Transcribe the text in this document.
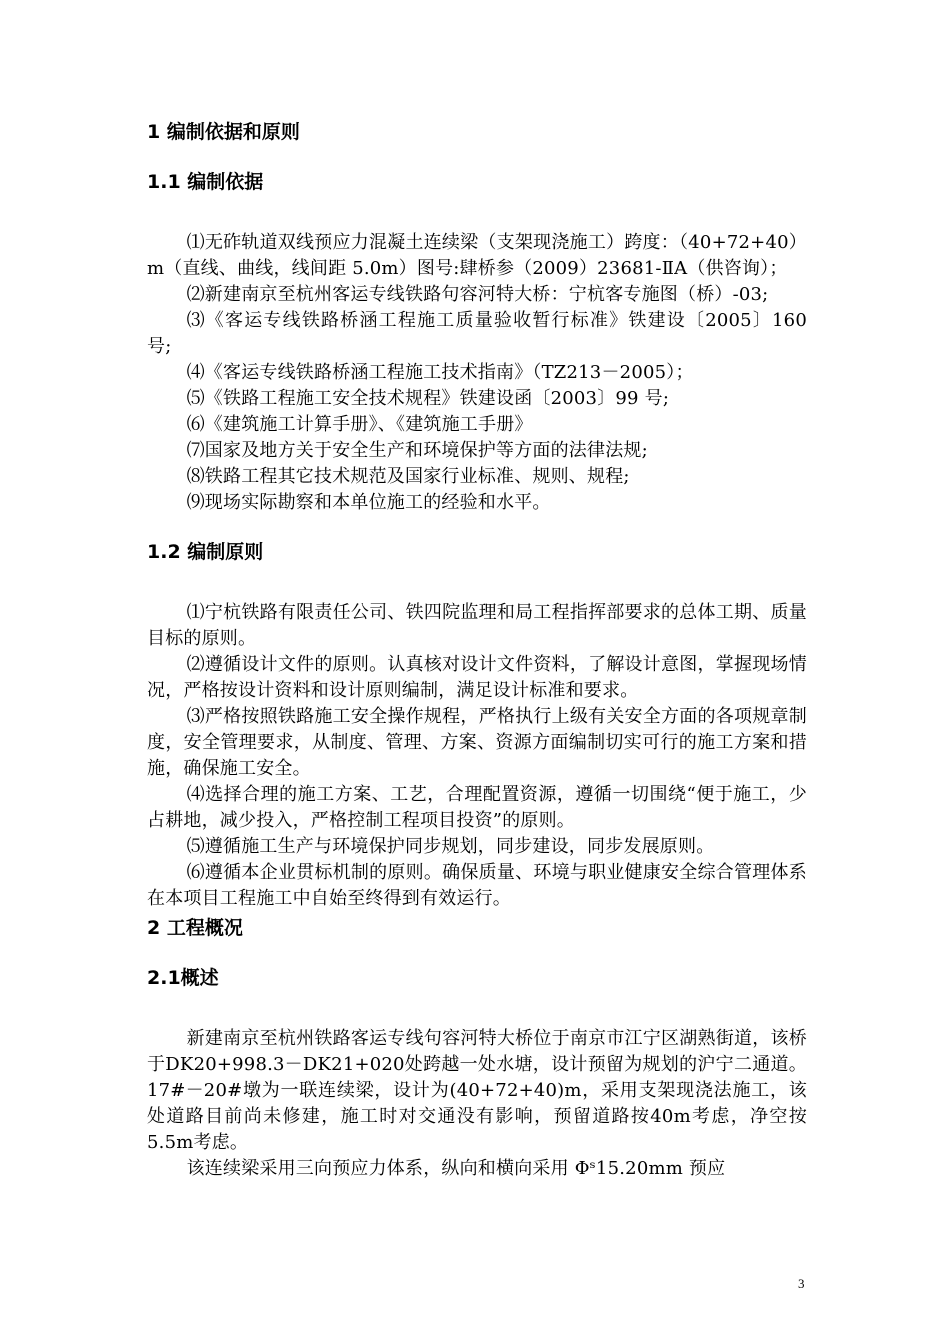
1 编制依据和原则
1.1 编制依据

⑴无砟轨道双线预应力混凝土连续梁（支架现浇施工）跨度：（40+72+40）m（直线、曲线，线间距 5.0m）图号:肆桥参（2009）23681-ⅡA（供咨询）；

⑵新建南京至杭州客运专线铁路句容河特大桥：宁杭客专施图（桥）-03;

⑶《客运专线铁路桥涵工程施工质量验收暂行标准》铁建设〔2005〕160 号;

⑷《客运专线铁路桥涵工程施工技术指南》（TZ213－2005）；

⑸《铁路工程施工安全技术规程》铁建设函〔2003〕99 号;

⑹《建筑施工计算手册》、《建筑施工手册》

⑺国家及地方关于安全生产和环境保护等方面的法律法规;

⑻铁路工程其它技术规范及国家行业标准、规则、规程;

⑼现场实际勘察和本单位施工的经验和水平。

1.2 编制原则

⑴宁杭铁路有限责任公司、铁四院监理和局工程指挥部要求的总体工期、质量目标的原则。

⑵遵循设计文件的原则。认真核对设计文件资料，了解设计意图，掌握现场情况，严格按设计资料和设计原则编制，满足设计标准和要求。

⑶严格按照铁路施工安全操作规程，严格执行上级有关安全方面的各项规章制度，安全管理要求，从制度、管理、方案、资源方面编制切实可行的施工方案和措施，确保施工安全。

⑷选择合理的施工方案、工艺，合理配置资源，遵循一切围绕“便于施工，少占耕地，减少投入，严格控制工程项目投资”的原则。

⑸遵循施工生产与环境保护同步规划，同步建设，同步发展原则。

⑹遵循本企业贯标机制的原则。确保质量、环境与职业健康安全综合管理体系在本项目工程施工中自始至终得到有效运行。

2 工程概况
2.1概述

新建南京至杭州铁路客运专线句容河特大桥位于南京市江宁区湖熟街道，该桥于DK20+998.3－DK21+020处跨越一处水塘，设计预留为规划的沪宁二通道。17#－20#墩为一联连续梁，设计为(40+72+40)m，采用支架现浇法施工，该处道路目前尚未修建，施工时对交通没有影响，预留道路按40m考虑，净空按5.5m考虑。

该连续梁采用三向预应力体系，纵向和横向采用 Φˢ15.20mm 预应

3
